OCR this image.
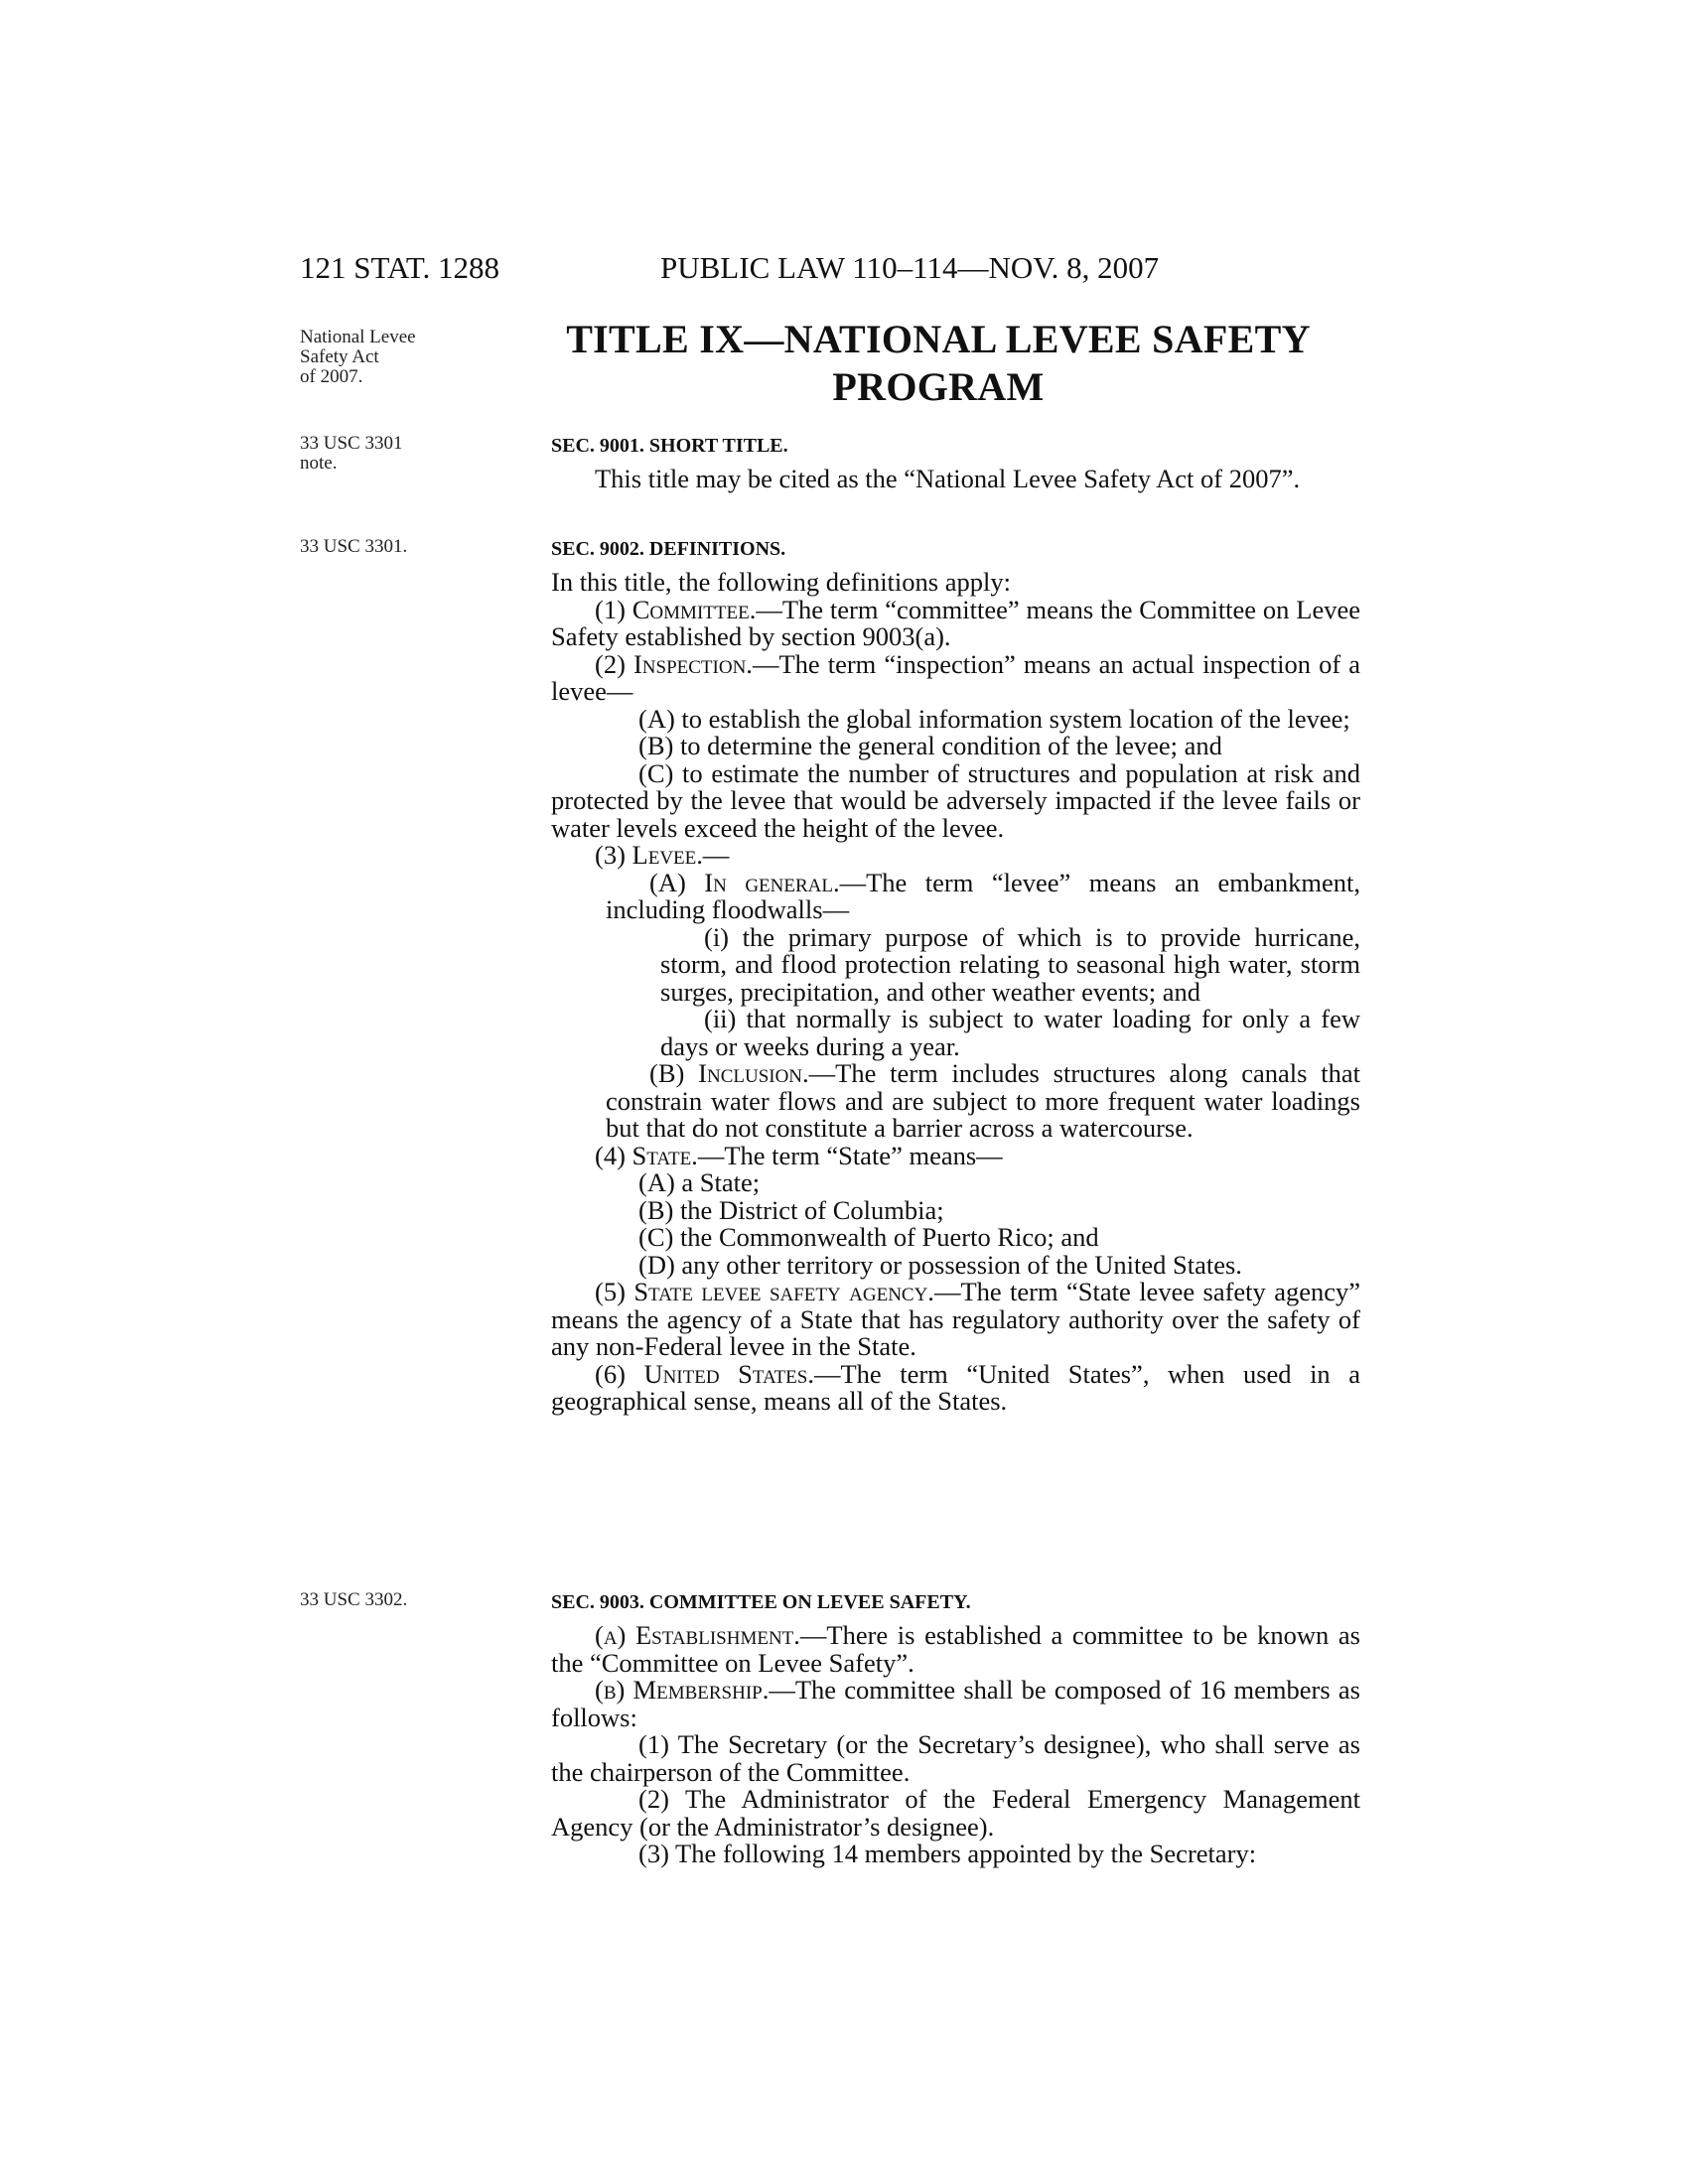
121 STAT. 1288	PUBLIC LAW 110–114—NOV. 8, 2007
National Levee
Safety Act
of 2007.
TITLE IX—NATIONAL LEVEE SAFETY
PROGRAM
33 USC 3301
note.
SEC. 9001. SHORT TITLE.

This title may be cited as the “National Levee Safety Act of 2007”.

33 USC 3301.	SEC. 9002. DEFINITIONS.

In this title, the following definitions apply:

(1) Committee.—The term “committee” means the Committee on Levee Safety established by section 9003(a).

(2) Inspection.—The term “inspection” means an actual inspection of a levee—

(A) to establish the global information system location of the levee;

(B) to determine the general condition of the levee; and

(C) to estimate the number of structures and population at risk and protected by the levee that would be adversely impacted if the levee fails or water levels exceed the height of the levee.

(3) Levee.—

(A) In general.—The term “levee” means an embankment, including floodwalls—

(i) the primary purpose of which is to provide hurricane, storm, and flood protection relating to seasonal high water, storm surges, precipitation, and other weather events; and

(ii) that normally is subject to water loading for only a few days or weeks during a year.

(B) Inclusion.—The term includes structures along canals that constrain water flows and are subject to more frequent water loadings but that do not constitute a barrier across a watercourse.

(4) State.—The term “State” means—

(A) a State;

(B) the District of Columbia;

(C) the Commonwealth of Puerto Rico; and

(D) any other territory or possession of the United States.

(5) State levee safety agency.—The term “State levee safety agency” means the agency of a State that has regulatory authority over the safety of any non-Federal levee in the State.

(6) United States.—The term “United States”, when used in a geographical sense, means all of the States.

33 USC 3302.	SEC. 9003. COMMITTEE ON LEVEE SAFETY.

(a) Establishment.—There is established a committee to be known as the “Committee on Levee Safety”.

(b) Membership.—The committee shall be composed of 16 members as follows:

(1) The Secretary (or the Secretary’s designee), who shall serve as the chairperson of the Committee.

(2) The Administrator of the Federal Emergency Management Agency (or the Administrator’s designee).

(3) The following 14 members appointed by the Secretary:
